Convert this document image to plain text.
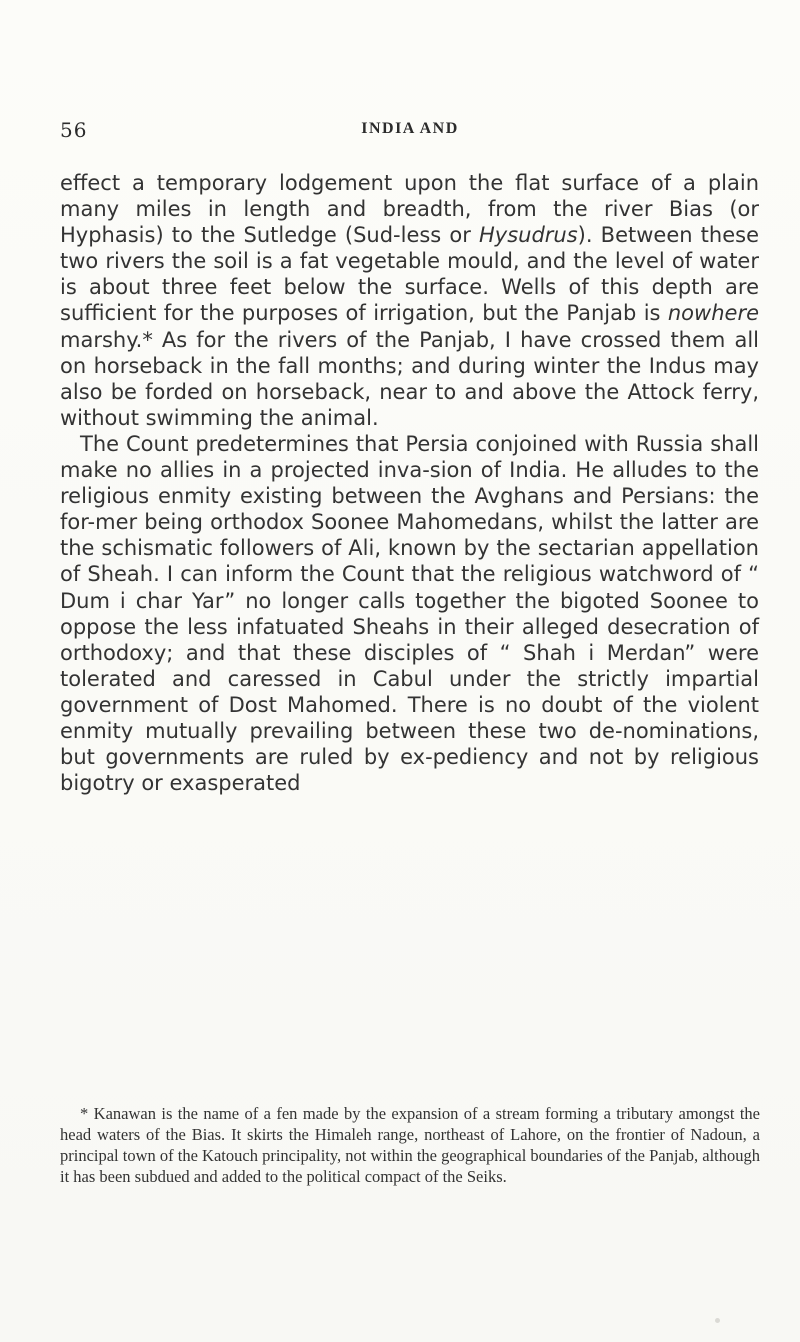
56	INDIA AND

effect a temporary lodgement upon the flat surface of a plain many miles in length and breadth, from the river Bias (or Hyphasis) to the Sutledge (Sud-less or Hysudrus). Between these two rivers the soil is a fat vegetable mould, and the level of water is about three feet below the surface. Wells of this depth are sufficient for the purposes of irrigation, but the Panjab is nowhere marshy.* As for the rivers of the Panjab, I have crossed them all on horseback in the fall months; and during winter the Indus may also be forded on horseback, near to and above the Attock ferry, without swimming the animal.

The Count predetermines that Persia conjoined with Russia shall make no allies in a projected inva-sion of India. He alludes to the religious enmity existing between the Avghans and Persians: the for-mer being orthodox Soonee Mahomedans, whilst the latter are the schismatic followers of Ali, known by the sectarian appellation of Sheah. I can inform the Count that the religious watchword of “ Dum i char Yar” no longer calls together the bigoted Soonee to oppose the less infatuated Sheahs in their alleged desecration of orthodoxy; and that these disciples of “ Shah i Merdan” were tolerated and caressed in Cabul under the strictly impartial government of Dost Mahomed. There is no doubt of the violent enmity mutually prevailing between these two de-nominations, but governments are ruled by ex-pediency and not by religious bigotry or exasperated

* Kanawan is the name of a fen made by the expansion of a stream forming a tributary amongst the head waters of the Bias. It skirts the Himaleh range, northeast of Lahore, on the frontier of Nadoun, a principal town of the Katouch principality, not within the geographical boundaries of the Panjab, although it has been subdued and added to the political compact of the Seiks.
